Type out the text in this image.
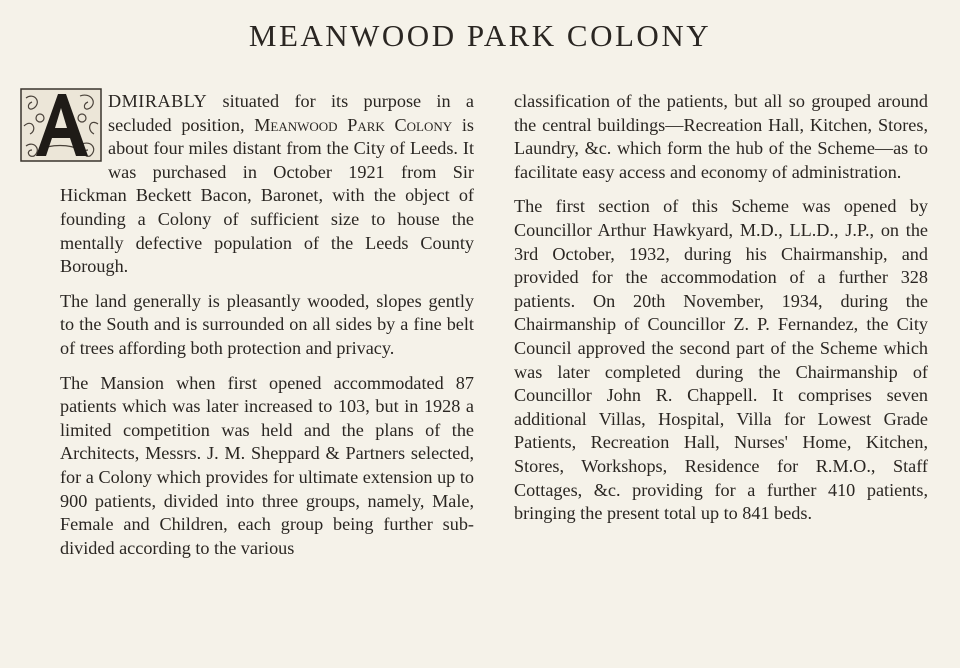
MEANWOOD PARK COLONY

DMIRABLY situated for its purpose in a secluded position, Meanwood Park Colony is about four miles distant from the City of Leeds. It was purchased in October 1921 from Sir Hickman Beckett Bacon, Baronet, with the object of founding a Colony of sufficient size to house the mentally defective population of the Leeds County Borough.

The land generally is pleasantly wooded, slopes gently to the South and is surrounded on all sides by a fine belt of trees affording both protection and privacy.

The Mansion when first opened accommodated 87 patients which was later increased to 103, but in 1928 a limited competition was held and the plans of the Architects, Messrs. J. M. Sheppard & Partners selected, for a Colony which provides for ultimate extension up to 900 patients, divided into three groups, namely, Male, Female and Children, each group being further sub-divided according to the various

classification of the patients, but all so grouped around the central buildings—Recreation Hall, Kitchen, Stores, Laundry, &c. which form the hub of the Scheme—as to facilitate easy access and economy of administration.

The first section of this Scheme was opened by Councillor Arthur Hawkyard, M.D., LL.D., J.P., on the 3rd October, 1932, during his Chairmanship, and provided for the accommodation of a further 328 patients. On 20th November, 1934, during the Chairmanship of Councillor Z. P. Fernandez, the City Council approved the second part of the Scheme which was later completed during the Chairmanship of Councillor John R. Chappell. It comprises seven additional Villas, Hospital, Villa for Lowest Grade Patients, Recreation Hall, Nurses' Home, Kitchen, Stores, Workshops, Residence for R.M.O., Staff Cottages, &c. providing for a further 410 patients, bringing the present total up to 841 beds.
